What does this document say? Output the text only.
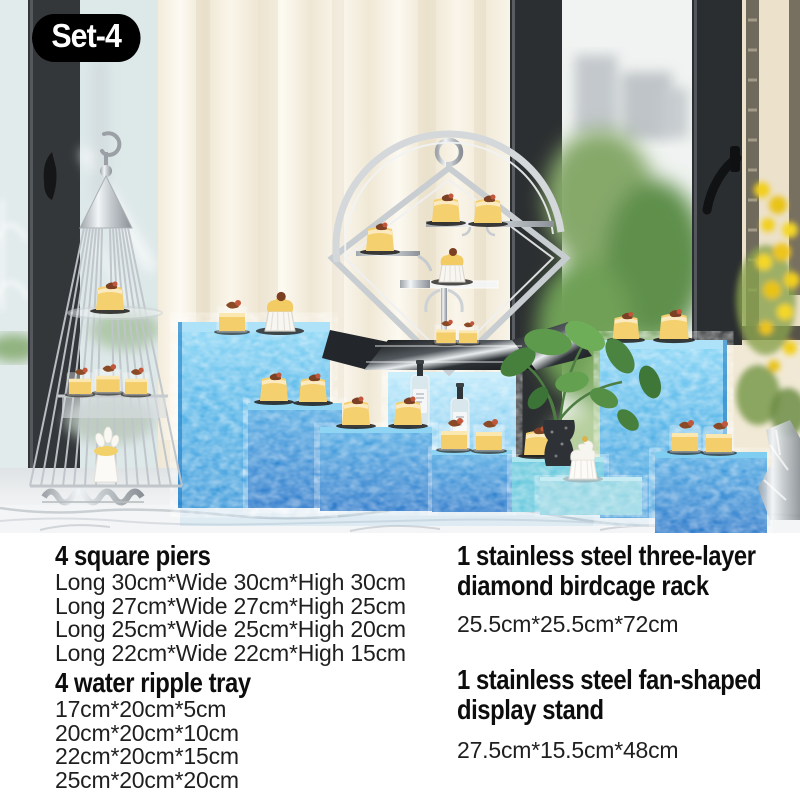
Set-4
4 square piers
Long 30cm*Wide 30cm*High 30cm
Long 27cm*Wide 27cm*High 25cm
Long 25cm*Wide 25cm*High 20cm
Long 22cm*Wide 22cm*High 15cm
4 water ripple tray
17cm*20cm*5cm
20cm*20cm*10cm
22cm*20cm*15cm
25cm*20cm*20cm
1 stainless steel three-layer
diamond birdcage rack
25.5cm*25.5cm*72cm
1 stainless steel fan-shaped
display stand
27.5cm*15.5cm*48cm
